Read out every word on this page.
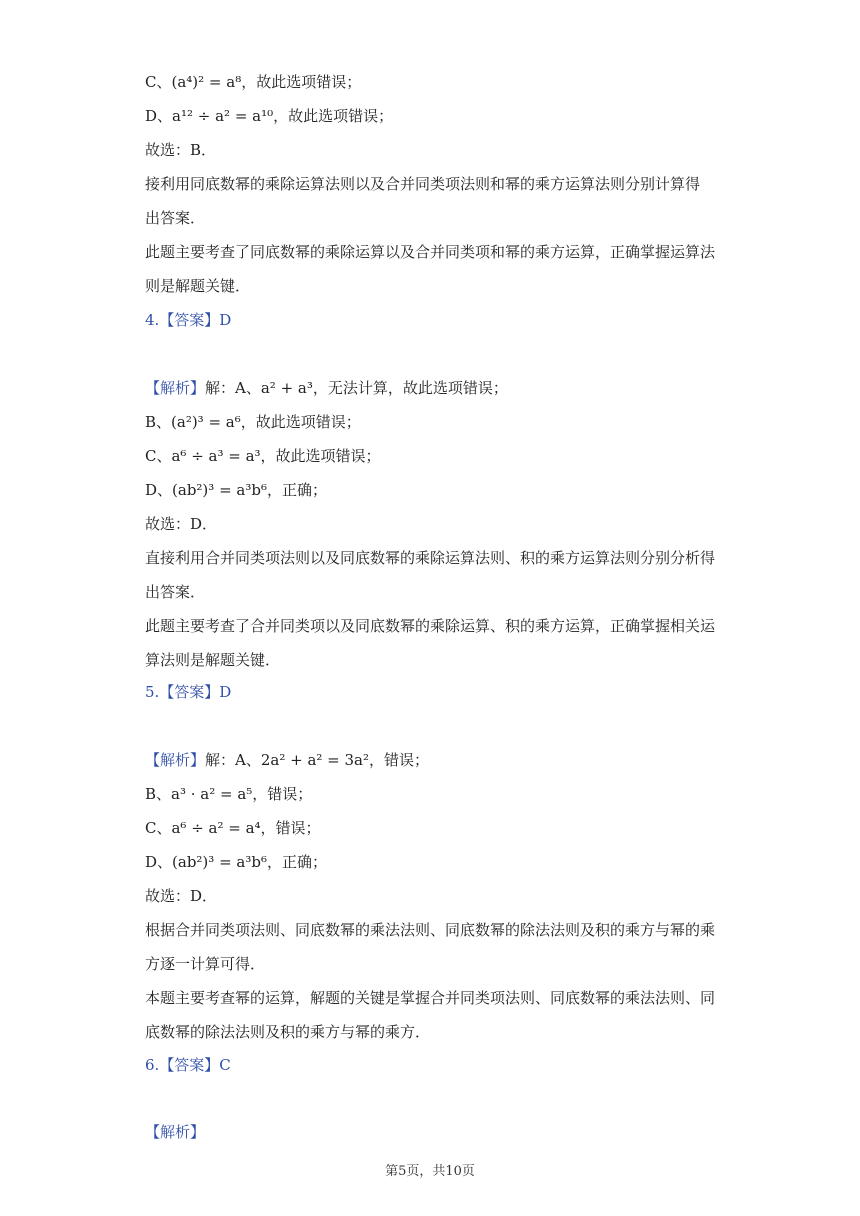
C、(a⁴)² = a⁸，故此选项错误；
D、a¹² ÷ a² = a¹⁰，故此选项错误；
故选：B．
接利用同底数幂的乘除运算法则以及合并同类项法则和幂的乘方运算法则分别计算得
出答案．
此题主要考查了同底数幂的乘除运算以及合并同类项和幂的乘方运算，正确掌握运算法
则是解题关键．
4.【答案】D
【解析】解：A、a² + a³，无法计算，故此选项错误；
B、(a²)³ = a⁶，故此选项错误；
C、a⁶ ÷ a³ = a³，故此选项错误；
D、(ab²)³ = a³b⁶，正确；
故选：D．
直接利用合并同类项法则以及同底数幂的乘除运算法则、积的乘方运算法则分别分析得
出答案．
此题主要考查了合并同类项以及同底数幂的乘除运算、积的乘方运算，正确掌握相关运
算法则是解题关键．
5.【答案】D
【解析】解：A、2a² + a² = 3a²，错误；
B、a³ · a² = a⁵，错误；
C、a⁶ ÷ a² = a⁴，错误；
D、(ab²)³ = a³b⁶，正确；
故选：D．
根据合并同类项法则、同底数幂的乘法法则、同底数幂的除法法则及积的乘方与幂的乘
方逐一计算可得．
本题主要考查幂的运算，解题的关键是掌握合并同类项法则、同底数幂的乘法法则、同
底数幂的除法法则及积的乘方与幂的乘方．
6.【答案】C
【解析】
第5页，共10页
